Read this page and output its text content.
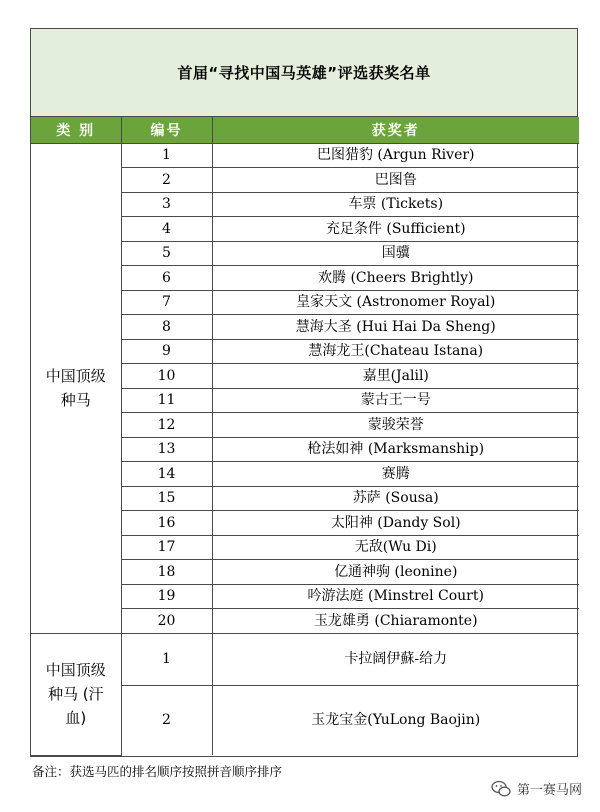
首届“寻找中国马英雄”评选获奖名单
类 别	编号	获奖者
中国顶级
种马	1	巴图猎豹 (Argun River)
	2	巴图鲁
	3	车票 (Tickets)
	4	充足条件 (Sufficient)
	5	国骥
	6	欢腾 (Cheers Brightly)
	7	皇家天文 (Astronomer Royal)
	8	慧海大圣 (Hui Hai Da Sheng)
	9	慧海龙王(Chateau Istana)
	10	嘉里(Jalil)
	11	蒙古王一号
	12	蒙骏荣誉
	13	枪法如神 (Marksmanship)
	14	赛腾
	15	苏萨 (Sousa)
	16	太阳神 (Dandy Sol)
	17	无敌(Wu Di)
	18	亿通神驹 (leonine)
	19	吟游法庭 (Minstrel Court)
	20	玉龙雄勇 (Chiaramonte)
中国顶级
种马 (汗
血)	1	卡拉阔伊蘇-给力
	2	玉龙宝金(YuLong Baojin)
备注：获选马匹的排名顺序按照拼音顺序排序
第一赛马网
